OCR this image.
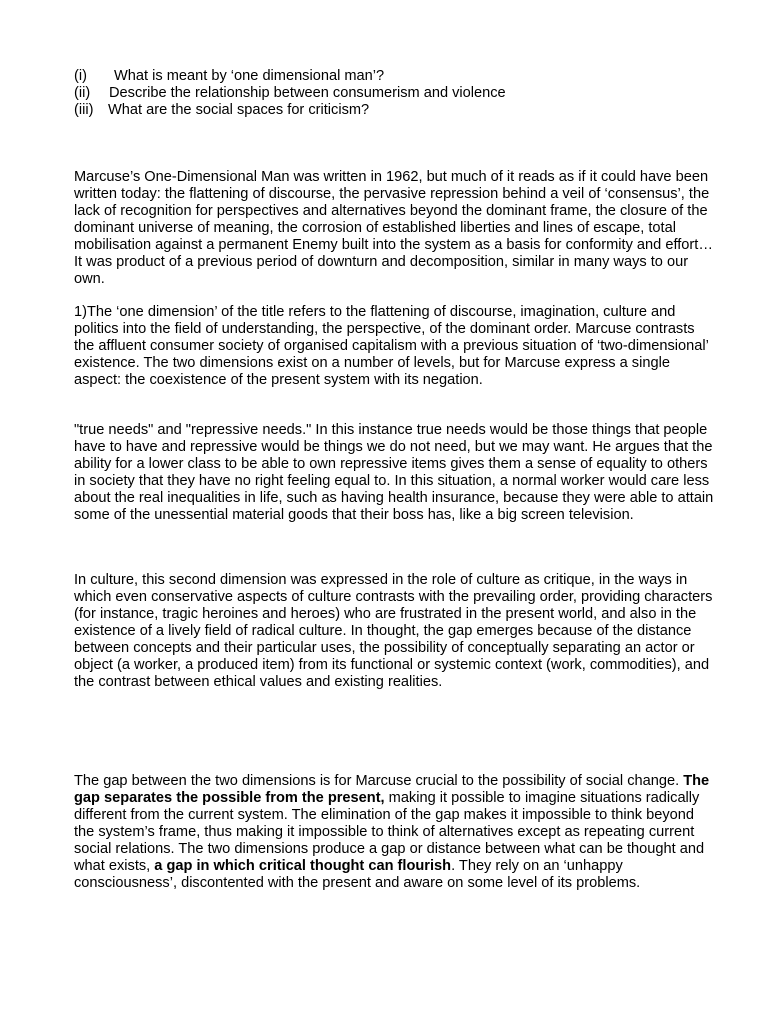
(i)	What is meant by ‘one dimensional man’?
(ii)	Describe the relationship between consumerism and violence
(iii) What are the social spaces for criticism?

Marcuse’s One-Dimensional Man was written in 1962, but much of it reads as if it could have been written today: the flattening of discourse, the pervasive repression behind a veil of ‘consensus’, the lack of recognition for perspectives and alternatives beyond the dominant frame, the closure of the dominant universe of meaning, the corrosion of established liberties and lines of escape, total mobilisation against a permanent Enemy built into the system as a basis for conformity and effort… It was product of a previous period of downturn and decomposition, similar in many ways to our own.

1)The ‘one dimension’ of the title refers to the flattening of discourse, imagination, culture and politics into the field of understanding, the perspective, of the dominant order. Marcuse contrasts the affluent consumer society of organised capitalism with a previous situation of ‘two-dimensional’ existence. The two dimensions exist on a number of levels, but for Marcuse express a single aspect: the coexistence of the present system with its negation.

"true needs" and "repressive needs." In this instance true needs would be those things that people have to have and repressive would be things we do not need, but we may want. He argues that the ability for a lower class to be able to own repressive items gives them a sense of equality to others in society that they have no right feeling equal to. In this situation, a normal worker would care less about the real inequalities in life, such as having health insurance, because they were able to attain some of the unessential material goods that their boss has, like a big screen television.

In culture, this second dimension was expressed in the role of culture as critique, in the ways in which even conservative aspects of culture contrasts with the prevailing order, providing characters (for instance, tragic heroines and heroes) who are frustrated in the present world, and also in the existence of a lively field of radical culture. In thought, the gap emerges because of the distance between concepts and their particular uses, the possibility of conceptually separating an actor or object (a worker, a produced item) from its functional or systemic context (work, commodities), and the contrast between ethical values and existing realities.

The gap between the two dimensions is for Marcuse crucial to the possibility of social change. The gap separates the possible from the present, making it possible to imagine situations radically different from the current system. The elimination of the gap makes it impossible to think beyond the system’s frame, thus making it impossible to think of alternatives except as repeating current social relations. The two dimensions produce a gap or distance between what can be thought and what exists, a gap in which critical thought can flourish. They rely on an ‘unhappy consciousness’, discontented with the present and aware on some level of its problems.
